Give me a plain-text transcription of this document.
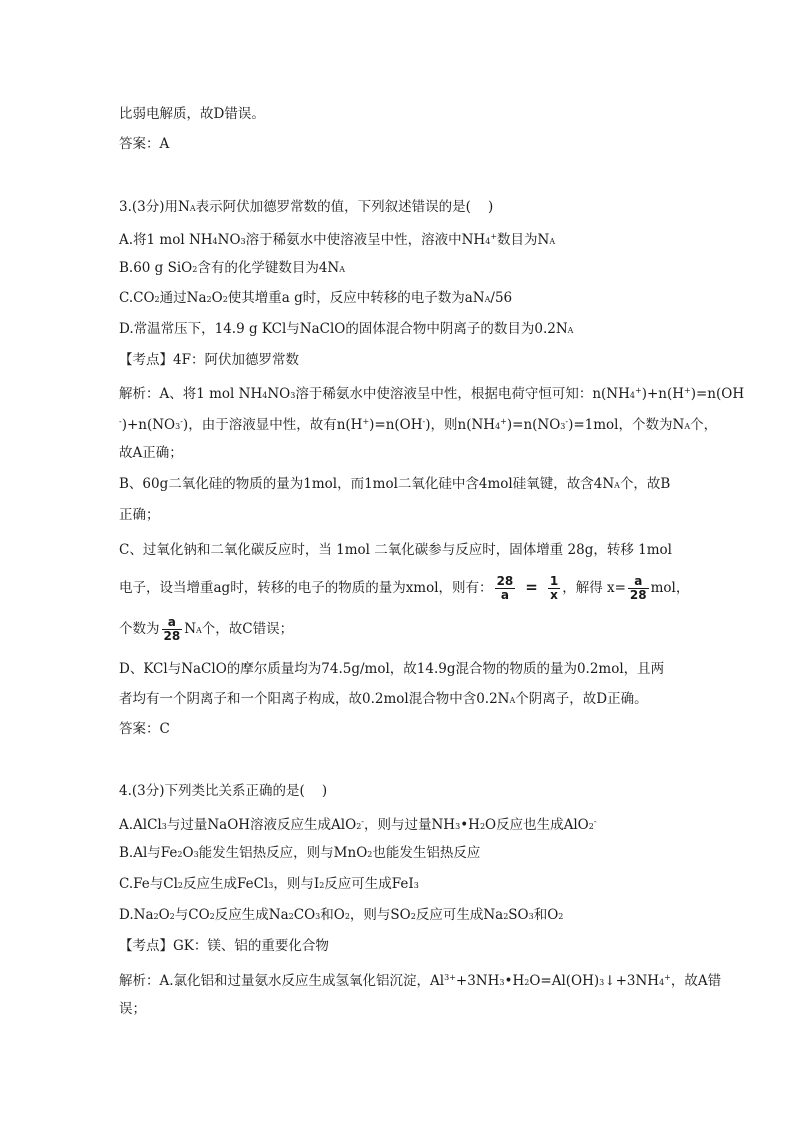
比弱电解质，故D错误。
答案：A
3.(3分)用NA表示阿伏加德罗常数的值，下列叙述错误的是(    )
A.将1 mol NH4NO3溶于稀氨水中使溶液呈中性，溶液中NH4+数目为NA
B.60 g SiO2含有的化学键数目为4NA
C.CO2通过Na2O2使其增重a g时，反应中转移的电子数为aNA/56
D.常温常压下，14.9 g KCl与NaClO的固体混合物中阴离子的数目为0.2NA
【考点】4F：阿伏加德罗常数
解析：A、将1 mol NH4NO3溶于稀氨水中使溶液呈中性，根据电荷守恒可知：n(NH4+)+n(H+)=n(OH
-)+n(NO3-)，由于溶液显中性，故有n(H+)=n(OH-)，则n(NH4+)=n(NO3-)=1mol，个数为NA个，
故A正确；
B、60g二氧化硅的物质的量为1mol，而1mol二氧化硅中含4mol硅氧键，故含4NA个，故B
正确；
C、过氧化钠和二氧化碳反应时，当 1mol 二氧化碳参与反应时，固体增重 28g，转移 1mol
电子，设当增重ag时，转移的电子的物质的量为xmol，则有： $\frac{28}{a} = \frac{1}{x}$ ，解得 $x= \frac{a}{28}$ mol，
个数为 $\frac{a}{28}$ NA个，故C错误；
D、KCl与NaClO的摩尔质量均为74.5g/mol，故14.9g混合物的物质的量为0.2mol，且两
者均有一个阴离子和一个阳离子构成，故0.2mol混合物中含0.2NA个阴离子，故D正确。
答案：C
4.(3分)下列类比关系正确的是(    )
A.AlCl3与过量NaOH溶液反应生成AlO2-，则与过量NH3•H2O反应也生成AlO2-
B.Al与Fe2O3能发生铝热反应，则与MnO2也能发生铝热反应
C.Fe与Cl2反应生成FeCl3，则与I2反应可生成FeI3
D.Na2O2与CO2反应生成Na2CO3和O2，则与SO2反应可生成Na2SO3和O2
【考点】GK：镁、铝的重要化合物
解析：A.氯化铝和过量氨水反应生成氢氧化铝沉淀，$Al^{3+}+3NH3•H2O=Al(OH)3↓+3NH4^+$，故A错
误；
